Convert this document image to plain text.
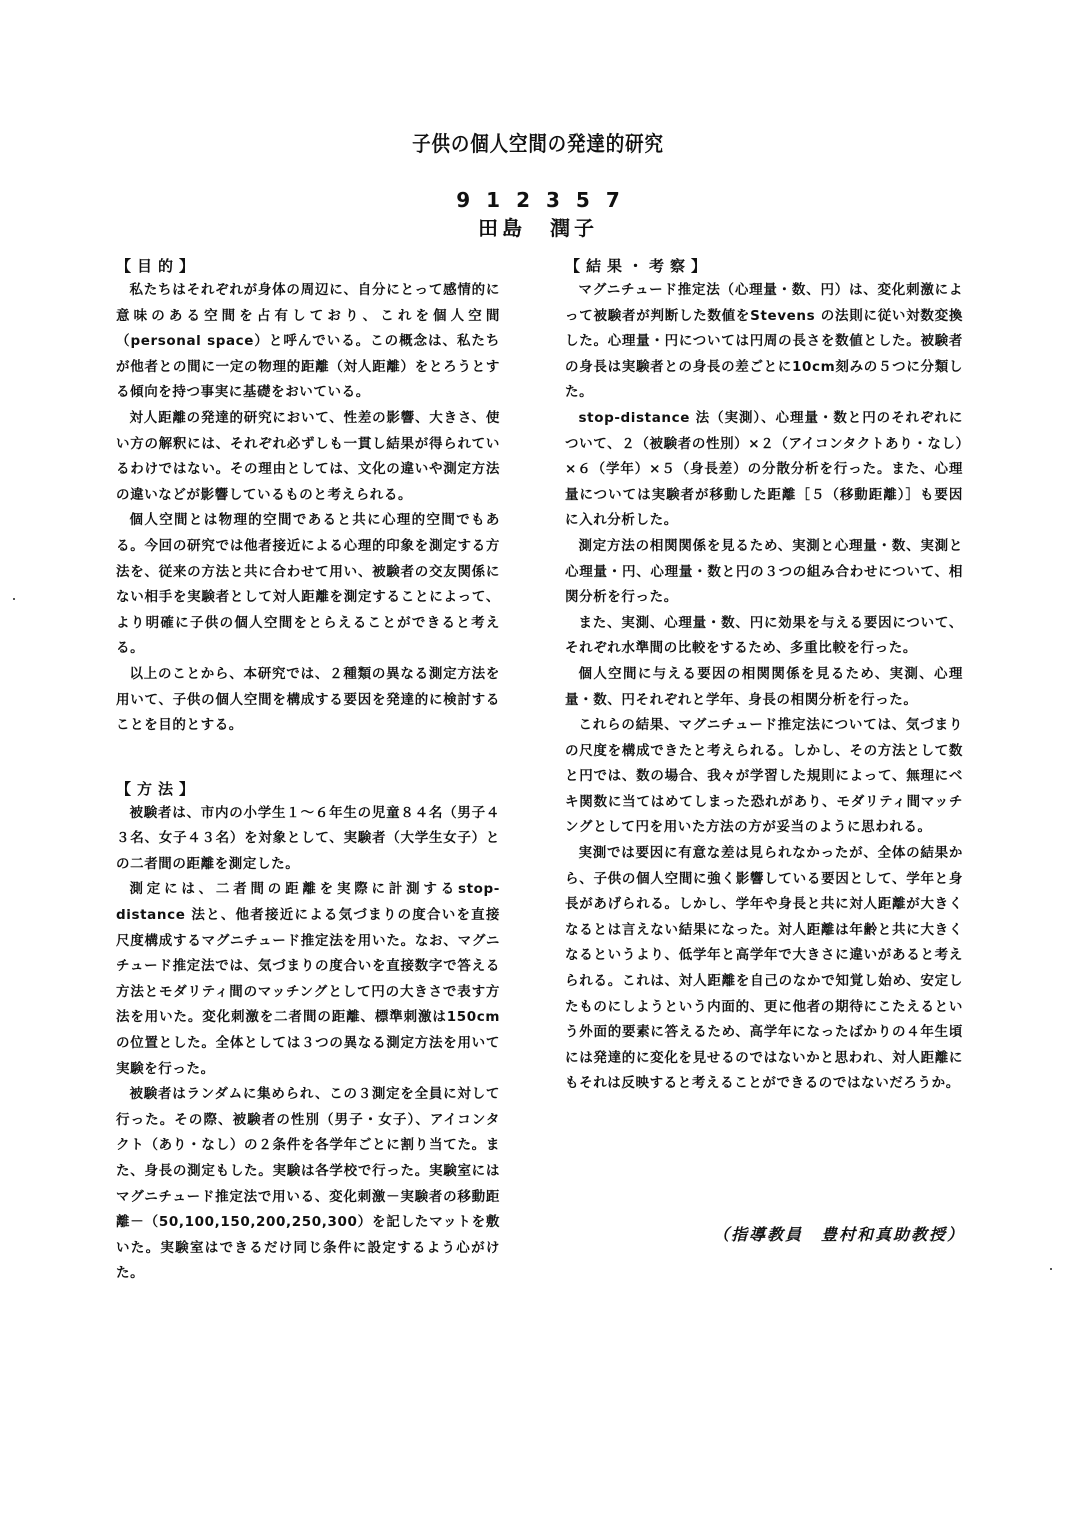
子供の個人空間の発達的研究
912357
田島　潤子
【目的】

私たちはそれぞれが身体の周辺に、自分にとって感情的に意味のある空間を占有しており、これを個人空間（personal space）と呼んでいる。この概念は、私たちが他者との間に一定の物理的距離（対人距離）をとろうとする傾向を持つ事実に基礎をおいている。

対人距離の発達的研究において、性差の影響、大きさ、使い方の解釈には、それぞれ必ずしも一貫し結果が得られているわけではない。その理由としては、文化の違いや測定方法の違いなどが影響しているものと考えられる。

個人空間とは物理的空間であると共に心理的空間でもある。今回の研究では他者接近による心理的印象を測定する方法を、従来の方法と共に合わせて用い、被験者の交友関係にない相手を実験者として対人距離を測定することによって、より明確に子供の個人空間をとらえることができると考える。

以上のことから、本研究では、２種類の異なる測定方法を用いて、子供の個人空間を構成する要因を発達的に検討することを目的とする。

【方法】

被験者は、市内の小学生１～６年生の児童８４名（男子４３名、女子４３名）を対象として、実験者（大学生女子）との二者間の距離を測定した。

測定には、二者間の距離を実際に計測するstop-distance 法と、他者接近による気づまりの度合いを直接尺度構成するマグニチュード推定法を用いた。なお、マグニチュード推定法では、気づまりの度合いを直接数字で答える方法とモダリティ間のマッチングとして円の大きさで表す方法を用いた。変化刺激を二者間の距離、標準刺激は150cm の位置とした。全体としては３つの異なる測定方法を用いて実験を行った。

被験者はランダムに集められ、この３測定を全員に対して行った。その際、被験者の性別（男子・女子）、アイコンタクト（あり・なし）の２条件を各学年ごとに割り当てた。また、身長の測定もした。実験は各学校で行った。実験室にはマグニチュード推定法で用いる、変化刺激－実験者の移動距離－（50,100,150,200,250,300）を記したマットを敷いた。実験室はできるだけ同じ条件に設定するよう心がけた。

【結果・考察】

マグニチュード推定法（心理量・数、円）は、変化刺激によって被験者が判断した数値をStevens の法則に従い対数変換した。心理量・円については円周の長さを数値とした。被験者の身長は実験者との身長の差ごとに10cm刻みの５つに分類した。

stop-distance 法（実測）、心理量・数と円のそれぞれについて、２（被験者の性別）×２（アイコンタクトあり・なし）×６（学年）×５（身長差）の分散分析を行った。また、心理量については実験者が移動した距離［５（移動距離）］も要因に入れ分析した。

測定方法の相関関係を見るため、実測と心理量・数、実測と心理量・円、心理量・数と円の３つの組み合わせについて、相関分析を行った。

また、実測、心理量・数、円に効果を与える要因について、それぞれ水準間の比較をするため、多重比較を行った。

個人空間に与える要因の相関関係を見るため、実測、心理量・数、円それぞれと学年、身長の相関分析を行った。

これらの結果、マグニチュード推定法については、気づまりの尺度を構成できたと考えられる。しかし、その方法として数と円では、数の場合、我々が学習した規則によって、無理にベキ関数に当てはめてしまった恐れがあり、モダリティ間マッチングとして円を用いた方法の方が妥当のように思われる。

実測では要因に有意な差は見られなかったが、全体の結果から、子供の個人空間に強く影響している要因として、学年と身長があげられる。しかし、学年や身長と共に対人距離が大きくなるとは言えない結果になった。対人距離は年齢と共に大きくなるというより、低学年と高学年で大きさに違いがあると考えられる。これは、対人距離を自己のなかで知覚し始め、安定したものにしようという内面的、更に他者の期待にこたえるという外面的要素に答えるため、高学年になったばかりの４年生頃には発達的に変化を見せるのではないかと思われ、対人距離にもそれは反映すると考えることができるのではないだろうか。

（指導教員　豊村和真助教授）
